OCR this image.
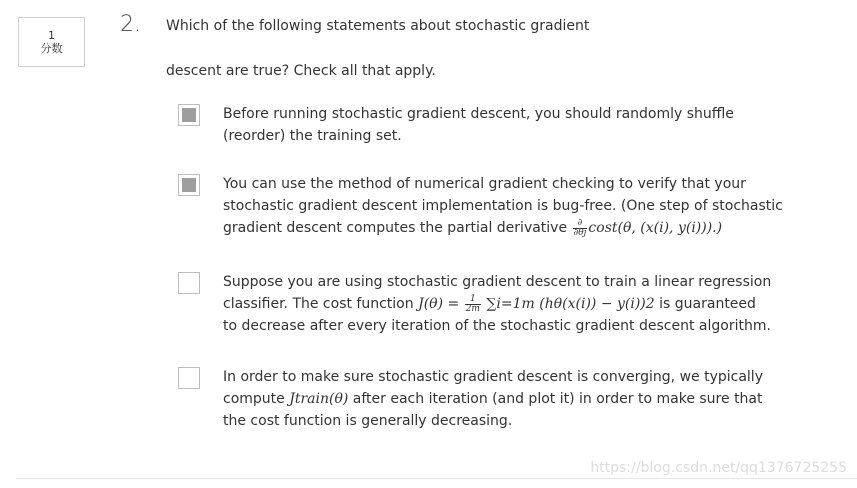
1
分数
2. Which of the following statements about stochastic gradient
descent are true? Check all that apply.
Before running stochastic gradient descent, you should randomly shuffle
(reorder) the training set.
You can use the method of numerical gradient checking to verify that your
stochastic gradient descent implementation is bug-free. (One step of stochastic
gradient descent computes the partial derivative $\frac{\partial}{\partial\theta j} \cos t(\theta$, (x(i), y(i))).)
Suppose you are using stochastic gradient descent to train a linear regression
classifier. The cost function $J(\theta) = \frac{1}{2m} \sum i=1m$ (hθ(x(i)) − y(i))2 is guaranteed
to decrease after every iteration of the stochastic gradient descent algorithm.
In order to make sure stochastic gradient descent is converging, we typically
compute Jtrain(θ) after each iteration (and plot it) in order to make sure that
the cost function is generally decreasing.
https://blog.csdn.net/qq1376725255
